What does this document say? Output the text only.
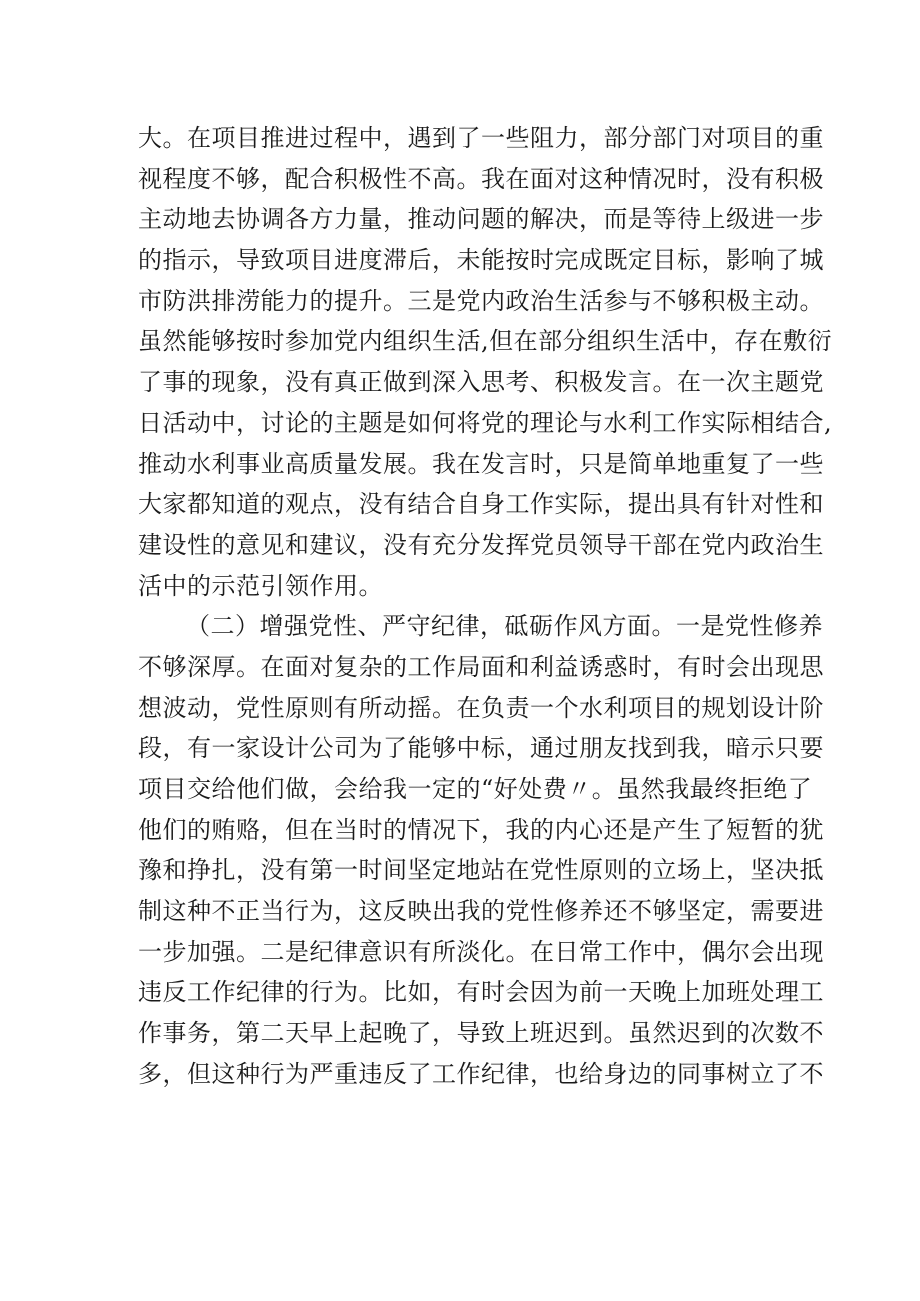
大。在项目推进过程中，遇到了一些阻力，部分部门对项目的重
视程度不够，配合积极性不高。我在面对这种情况时，没有积极
主动地去协调各方力量，推动问题的解决，而是等待上级进一步
的指示，导致项目进度滞后，未能按时完成既定目标，影响了城
市防洪排涝能力的提升。三是党内政治生活参与不够积极主动。
虽然能够按时参加党内组织生活,但在部分组织生活中，存在敷衍
了事的现象，没有真正做到深入思考、积极发言。在一次主题党
日活动中，讨论的主题是如何将党的理论与水利工作实际相结合,
推动水利事业高质量发展。我在发言时，只是简单地重复了一些
大家都知道的观点，没有结合自身工作实际，提出具有针对性和
建设性的意见和建议，没有充分发挥党员领导干部在党内政治生
活中的示范引领作用。
（二）增强党性、严守纪律，砥砺作风方面。一是党性修养
不够深厚。在面对复杂的工作局面和利益诱惑时，有时会出现思
想波动，党性原则有所动摇。在负责一个水利项目的规划设计阶
段，有一家设计公司为了能够中标，通过朋友找到我，暗示只要
项目交给他们做，会给我一定的“好处费〃。虽然我最终拒绝了
他们的贿赂，但在当时的情况下，我的内心还是产生了短暂的犹
豫和挣扎，没有第一时间坚定地站在党性原则的立场上，坚决抵
制这种不正当行为，这反映出我的党性修养还不够坚定，需要进
一步加强。二是纪律意识有所淡化。在日常工作中，偶尔会出现
违反工作纪律的行为。比如，有时会因为前一天晚上加班处理工
作事务，第二天早上起晚了，导致上班迟到。虽然迟到的次数不
多，但这种行为严重违反了工作纪律，也给身边的同事树立了不
